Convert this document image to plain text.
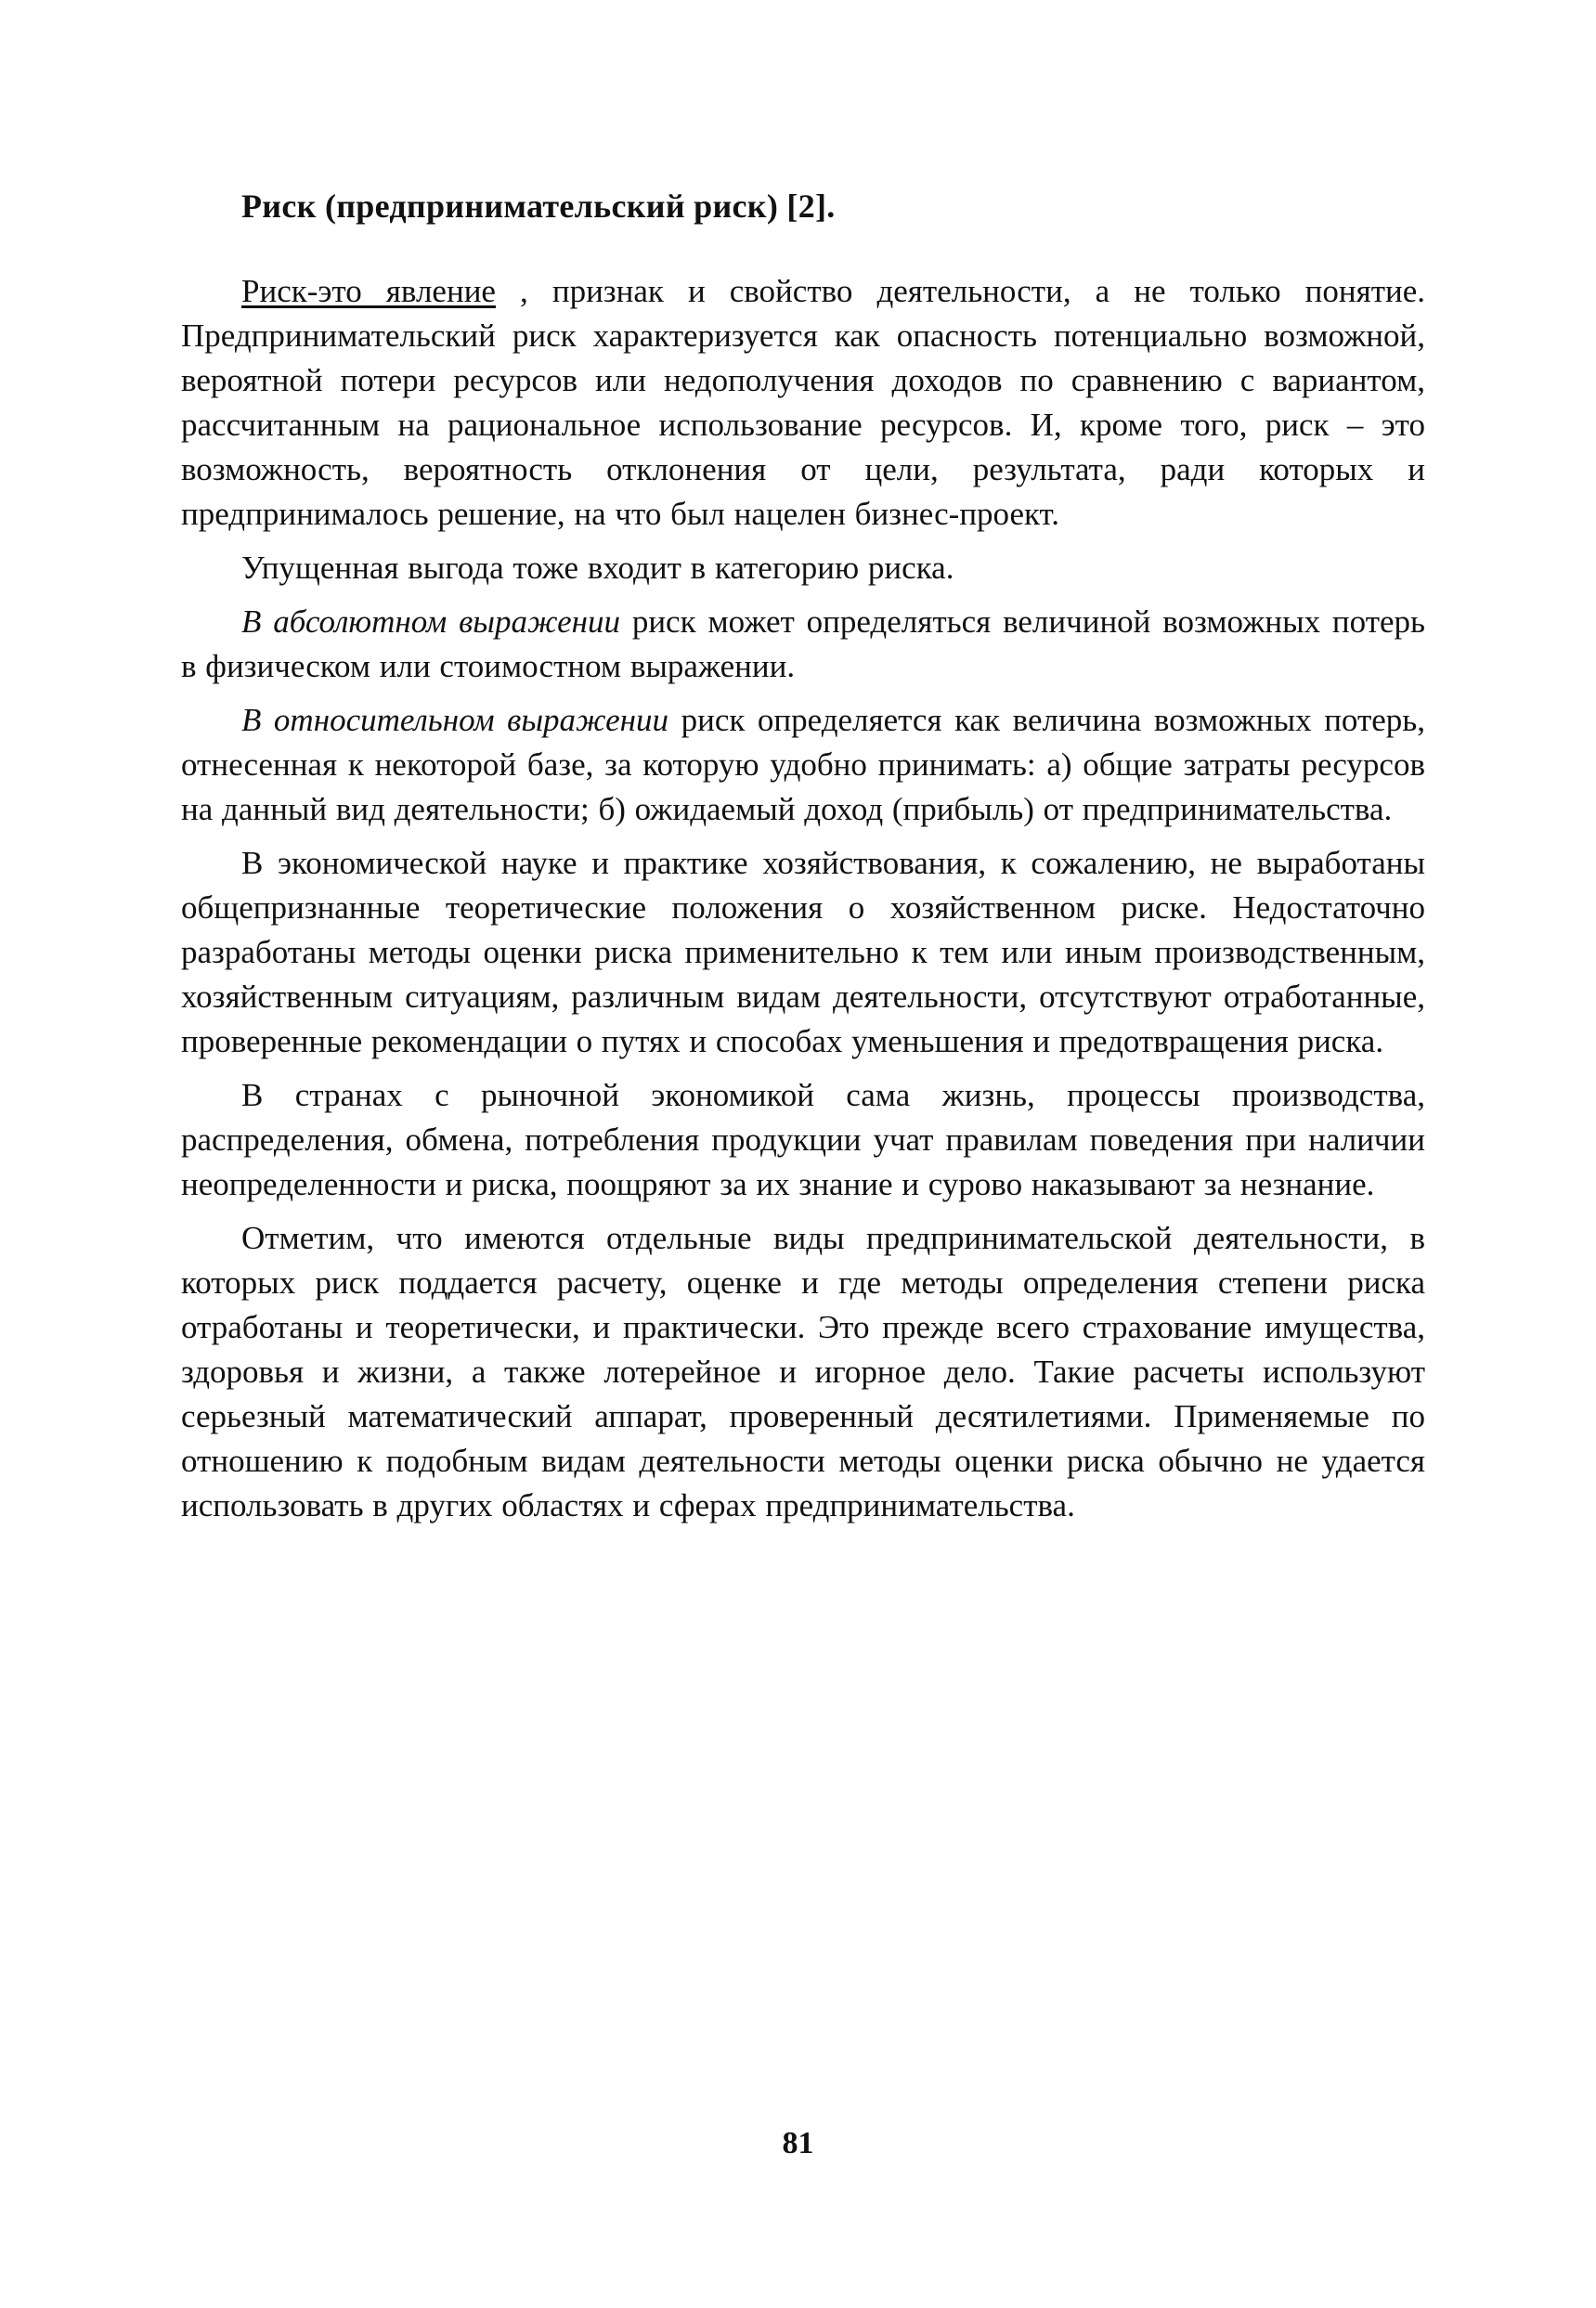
Риск (предпринимательский риск) [2].

Риск-это явление , признак и свойство деятельности, а не только понятие. Предпринимательский риск характеризуется как опасность потенциально возможной, вероятной потери ресурсов или недополучения доходов по сравнению с вариантом, рассчитанным на рациональное использование ресурсов. И, кроме того, риск – это возможность, вероятность отклонения от цели, результата, ради которых и предпринималось решение, на что был нацелен бизнес-проект.

Упущенная выгода тоже входит в категорию риска.

В абсолютном выражении риск может определяться величиной возможных потерь в физическом или стоимостном выражении.

В относительном выражении риск определяется как величина возможных потерь, отнесенная к некоторой базе, за которую удобно принимать: а) общие затраты ресурсов на данный вид деятельности; б) ожидаемый доход (прибыль) от предпринимательства.

В экономической науке и практике хозяйствования, к сожалению, не выработаны общепризнанные теоретические положения о хозяйственном риске. Недостаточно разработаны методы оценки риска применительно к тем или иным производственным, хозяйственным ситуациям, различным видам деятельности, отсутствуют отработанные, проверенные рекомендации о путях и способах уменьшения и предотвращения риска.

В странах с рыночной экономикой сама жизнь, процессы производства, распределения, обмена, потребления продукции учат правилам поведения при наличии неопределенности и риска, поощряют за их знание и сурово наказывают за незнание.

Отметим, что имеются отдельные виды предпринимательской деятельности, в которых риск поддается расчету, оценке и где методы определения степени риска отработаны и теоретически, и практически. Это прежде всего страхование имущества, здоровья и жизни, а также лотерейное и игорное дело. Такие расчеты используют серьезный математический аппарат, проверенный десятилетиями. Применяемые по отношению к подобным видам деятельности методы оценки риска обычно не удается использовать в других областях и сферах предпринимательства.

81
